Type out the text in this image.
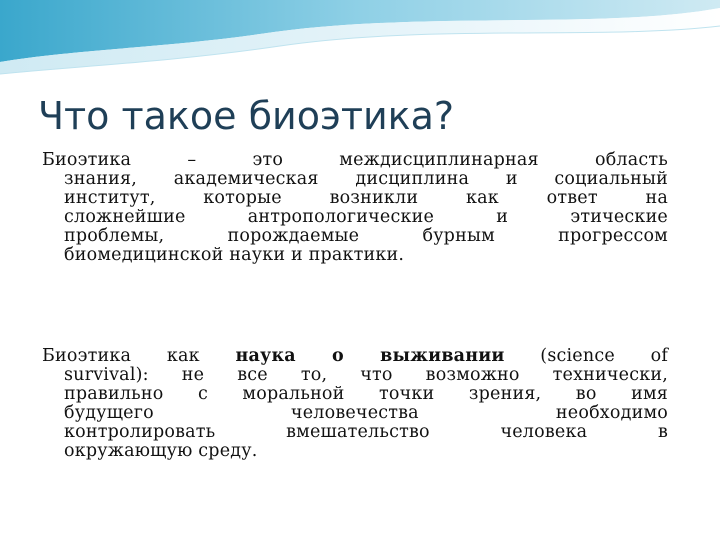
Что такое биоэтика?
Биоэтика – это междисциплинарная область
знания, академическая дисциплина и социальный
институт, которые возникли как ответ на
сложнейшие антропологические и этические
проблемы, порождаемые бурным прогрессом
биомедицинской науки и практики.
Биоэтика как наука о выживании (science of
survival): не все то, что возможно технически,
правильно с моральной точки зрения, во имя
будущего человечества необходимо
контролировать вмешательство человека в
окружающую среду.
